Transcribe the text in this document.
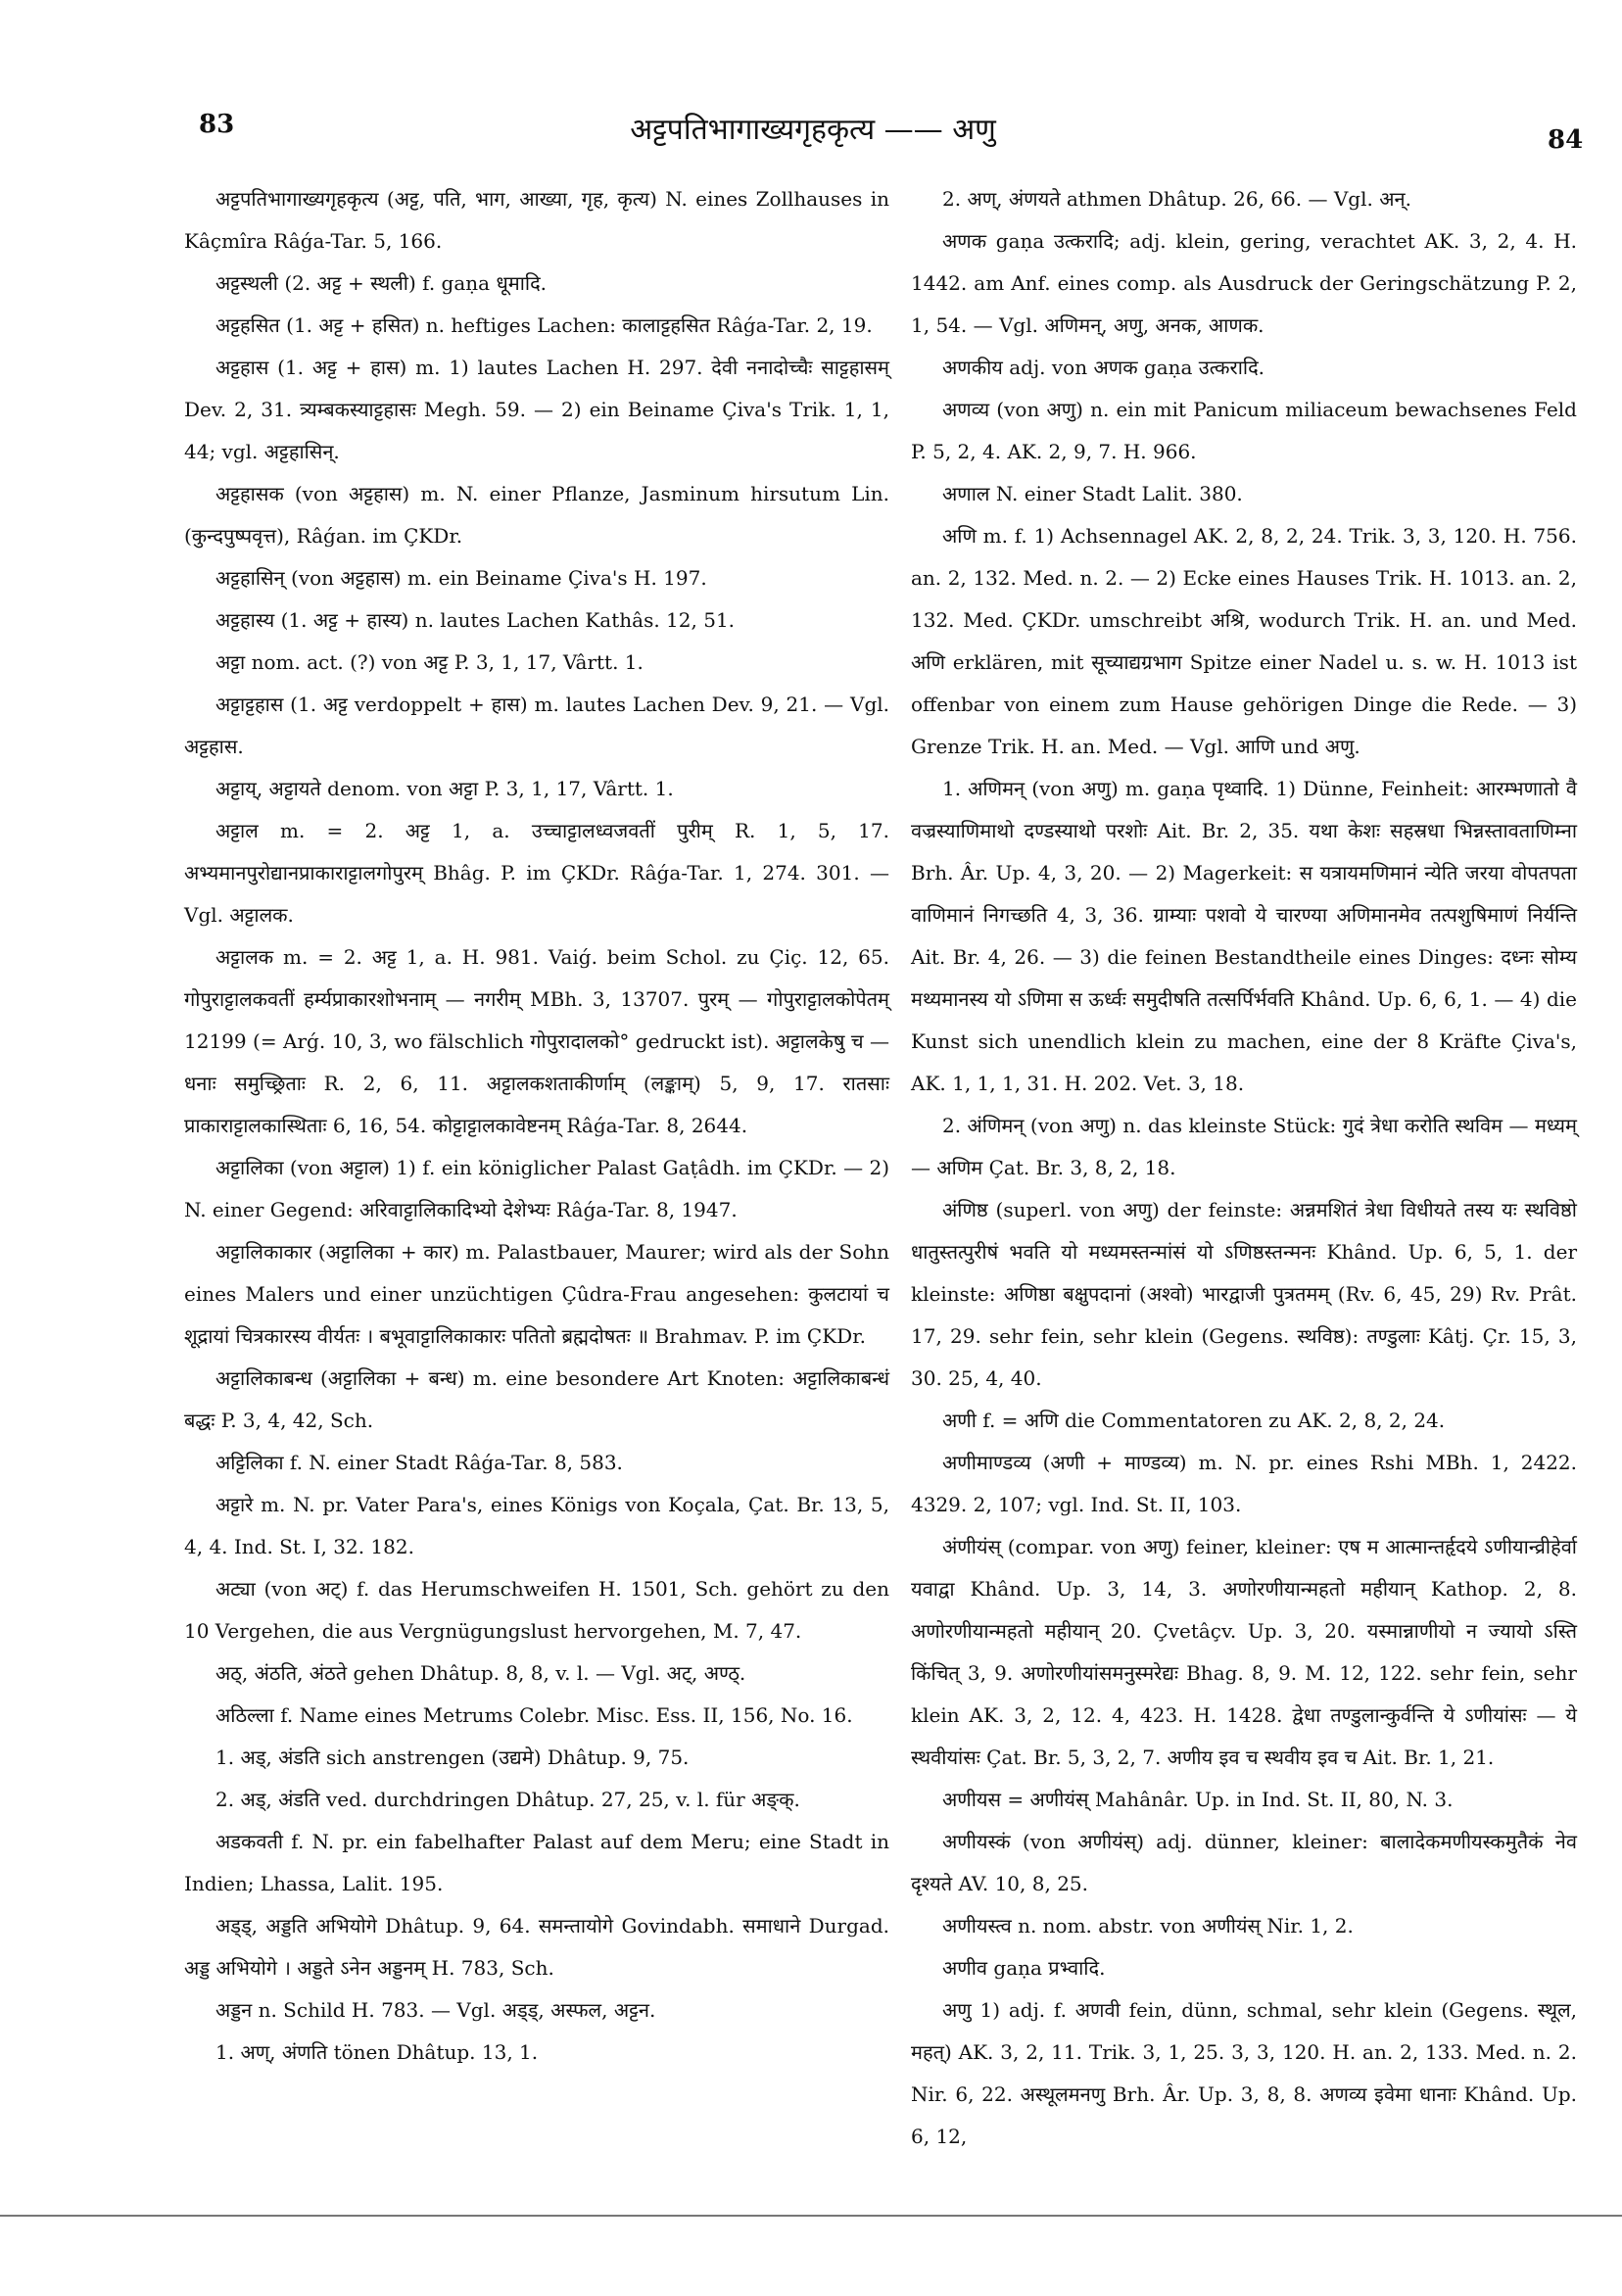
83	अट्टपतिभागाख्यगृहकृत्य —— अणु	84

अट्टपतिभागाख्यगृहकृत्य (अट्ट, पति, भाग, आख्या, गृह, कृत्य) N. eines Zollhauses in Kâçmîra Râǵa-Tar. 5, 166.

अट्टस्थली (2. अट्ट + स्थली) f. gaṇa धूमादि.

अट्टहसित (1. अट्ट + हसित) n. heftiges Lachen: कालाट्टहसित Râǵa-Tar. 2, 19.

अट्टहास (1. अट्ट + हास) m. 1) lautes Lachen H. 297. देवी ननादोच्चैः साट्टहासम् Dev. 2, 31. त्र्यम्बकस्याट्टहासः Megh. 59. — 2) ein Beiname Çiva's Trik. 1, 1, 44; vgl. अट्टहासिन्.

अट्टहासक (von अट्टहास) m. N. einer Pflanze, Jasminum hirsutum Lin. (कुन्दपुष्पवृत्त), Râǵan. im ÇKDr.

अट्टहासिन् (von अट्टहास) m. ein Beiname Çiva's H. 197.

अट्टहास्य (1. अट्ट + हास्य) n. lautes Lachen Kathâs. 12, 51.

अट्टा nom. act. (?) von अट्ट P. 3, 1, 17, Vârtt. 1.

अट्टाट्टहास (1. अट्ट verdoppelt + हास) m. lautes Lachen Dev. 9, 21. — Vgl. अट्टहास.

अट्टाय्, अट्टायते denom. von अट्टा P. 3, 1, 17, Vârtt. 1.

अट्टाल m. = 2. अट्ट 1, a. उच्चाट्टालध्वजवतीं पुरीम् R. 1, 5, 17. अभ्यमानपुरोद्यानप्राकाराट्टालगोपुरम् Bhâg. P. im ÇKDr. Râǵa-Tar. 1, 274. 301. — Vgl. अट्टालक.

अट्टालक m. = 2. अट्ट 1, a. H. 981. Vaiǵ. beim Schol. zu Çiç. 12, 65. गोपुराट्टालकवतीं हर्म्यप्राकारशोभनाम् — नगरीम् MBh. 3, 13707. पुरम् — गोपुराट्टालकोपेतम् 12199 (= Arǵ. 10, 3, wo fälschlich गोपुरादालको° gedruckt ist). अट्टालकेषु च — धनाः समुच्छ्रिताः R. 2, 6, 11. अट्टालकशताकीर्णाम् (लङ्काम्) 5, 9, 17. रातसाः प्राकाराट्टालकास्थिताः 6, 16, 54. कोट्टाट्टालकावेष्टनम् Râǵa-Tar. 8, 2644.

अट्टालिका (von अट्टाल) 1) f. ein königlicher Palast Gaṭâdh. im ÇKDr. — 2) N. einer Gegend: अरिवाट्टालिकादिभ्यो देशेभ्यः Râǵa-Tar. 8, 1947.

अट्टालिकाकार (अट्टालिका + कार) m. Palastbauer, Maurer; wird als der Sohn eines Malers und einer unzüchtigen Çûdra-Frau angesehen: कुलटायां च शूद्रायां चित्रकारस्य वीर्यतः । बभूवाट्टालिकाकारः पतितो ब्रह्मदोषतः ॥ Brahmav. P. im ÇKDr.

अट्टालिकाबन्ध (अट्टालिका + बन्ध) m. eine besondere Art Knoten: अट्टालिकाबन्धं बद्धः P. 3, 4, 42, Sch.

अट्टिलिका f. N. einer Stadt Râǵa-Tar. 8, 583.

अट्टारे m. N. pr. Vater Para's, eines Königs von Koçala, Çat. Br. 13, 5, 4, 4. Ind. St. I, 32. 182.

अट्या (von अट्) f. das Herumschweifen H. 1501, Sch. gehört zu den 10 Vergehen, die aus Vergnügungslust hervorgehen, M. 7, 47.

अठ्, अंठति, अंठते gehen Dhâtup. 8, 8, v. l. — Vgl. अट्, अण्ठ्.

अठिल्ला f. Name eines Metrums Colebr. Misc. Ess. II, 156, No. 16.

1. अड्, अंडति sich anstrengen (उद्यमे) Dhâtup. 9, 75.

2. अड्, अंडति ved. durchdringen Dhâtup. 27, 25, v. l. für अङ्क्.

अडकवती f. N. pr. ein fabelhafter Palast auf dem Meru; eine Stadt in Indien; Lhassa, Lalit. 195.

अड्ड्, अड्डति अभियोगे Dhâtup. 9, 64. समन्तायोगे Govindabh. समाधाने Durgad. अड्ड अभियोगे । अड्डते ऽनेन अड्डनम् H. 783, Sch.

अड्डन n. Schild H. 783. — Vgl. अड्ड्, अस्फल, अट्टन.

1. अण्, अंणति tönen Dhâtup. 13, 1.

2. अण्, अंणयते athmen Dhâtup. 26, 66. — Vgl. अन्.

अणक gaṇa उत्करादि; adj. klein, gering, verachtet AK. 3, 2, 4. H. 1442. am Anf. eines comp. als Ausdruck der Geringschätzung P. 2, 1, 54. — Vgl. अणिमन्, अणु, अनक, आणक.

अणकीय adj. von अणक gaṇa उत्करादि.

अणव्य (von अणु) n. ein mit Panicum miliaceum bewachsenes Feld P. 5, 2, 4. AK. 2, 9, 7. H. 966.

अणाल N. einer Stadt Lalit. 380.

अणि m. f. 1) Achsennagel AK. 2, 8, 2, 24. Trik. 3, 3, 120. H. 756. an. 2, 132. Med. n. 2. — 2) Ecke eines Hauses Trik. H. 1013. an. 2, 132. Med. ÇKDr. umschreibt अश्रि, wodurch Trik. H. an. und Med. अणि erklären, mit सूच्याद्यग्रभाग Spitze einer Nadel u. s. w. H. 1013 ist offenbar von einem zum Hause gehörigen Dinge die Rede. — 3) Grenze Trik. H. an. Med. — Vgl. आणि und अणु.

1. अणिमन् (von अणु) m. gaṇa पृथ्वादि. 1) Dünne, Feinheit: आरम्भणातो वै वज्रस्याणिमाथो दण्डस्याथो परशोः Ait. Br. 2, 35. यथा केशः सहस्रधा भिन्नस्तावताणिम्ना Brh. Âr. Up. 4, 3, 20. — 2) Magerkeit: स यत्रायमणिमानं न्येति जरया वोपतपता वाणिमानं निगच्छति 4, 3, 36. ग्राम्याः पशवो ये चारण्या अणिमानमेव तत्पशुषिमाणं निर्यन्ति Ait. Br. 4, 26. — 3) die feinen Bestandtheile eines Dinges: दध्नः सोम्य मथ्यमानस्य यो ऽणिमा स ऊर्ध्वः समुदीषति तत्सर्पिर्भवति Khând. Up. 6, 6, 1. — 4) die Kunst sich unendlich klein zu machen, eine der 8 Kräfte Çiva's, AK. 1, 1, 1, 31. H. 202. Vet. 3, 18.

2. अंणिमन् (von अणु) n. das kleinste Stück: गुदं त्रेधा करोति स्थविम — मध्यम् — अणिम Çat. Br. 3, 8, 2, 18.

अंणिष्ठ (superl. von अणु) der feinste: अन्नमशितं त्रेधा विधीयते तस्य यः स्थविष्ठो धातुस्तत्पुरीषं भवति यो मध्यमस्तन्मांसं यो ऽणिष्ठस्तन्मनः Khând. Up. 6, 5, 1. der kleinste: अणिष्ठा बक्षुपदानां (अश्वो) भारद्वाजी पुत्रतमम् (Rv. 6, 45, 29) Rv. Prât. 17, 29. sehr fein, sehr klein (Gegens. स्थविष्ठ): तण्डुलाः Kâtj. Çr. 15, 3, 30. 25, 4, 40.

अणी f. = अणि die Commentatoren zu AK. 2, 8, 2, 24.

अणीमाण्डव्य (अणी + माण्डव्य) m. N. pr. eines Rshi MBh. 1, 2422. 4329. 2, 107; vgl. Ind. St. II, 103.

अंणीयंस् (compar. von अणु) feiner, kleiner: एष म आत्मान्तर्हृदये ऽणीयान्व्रीहेर्वा यवाद्वा Khând. Up. 3, 14, 3. अणोरणीयान्महतो महीयान् Kathop. 2, 8. अणोरणीयान्महतो महीयान् 20. Çvetâçv. Up. 3, 20. यस्मान्नाणीयो न ज्यायो ऽस्ति किंचित् 3, 9. अणोरणीयांसमनुस्मरेद्यः Bhag. 8, 9. M. 12, 122. sehr fein, sehr klein AK. 3, 2, 12. 4, 423. H. 1428. द्वेधा तण्डुलान्कुर्वन्ति ये ऽणीयांसः — ये स्थवीयांसः Çat. Br. 5, 3, 2, 7. अणीय इव च स्थवीय इव च Ait. Br. 1, 21.

अणीयस = अणीयंस् Mahânâr. Up. in Ind. St. II, 80, N. 3.

अणीयस्कं (von अणीयंस्) adj. dünner, kleiner: बालादेकमणीयस्कमुतैकं नेव दृश्यते AV. 10, 8, 25.

अणीयस्त्व n. nom. abstr. von अणीयंस् Nir. 1, 2.

अणीव gaṇa प्रभ्वादि.

अणु 1) adj. f. अणवी fein, dünn, schmal, sehr klein (Gegens. स्थूल, महत्) AK. 3, 2, 11. Trik. 3, 1, 25. 3, 3, 120. H. an. 2, 133. Med. n. 2. Nir. 6, 22. अस्थूलमनणु Brh. Âr. Up. 3, 8, 8. अणव्य इवेमा धानाः Khând. Up. 6, 12,
